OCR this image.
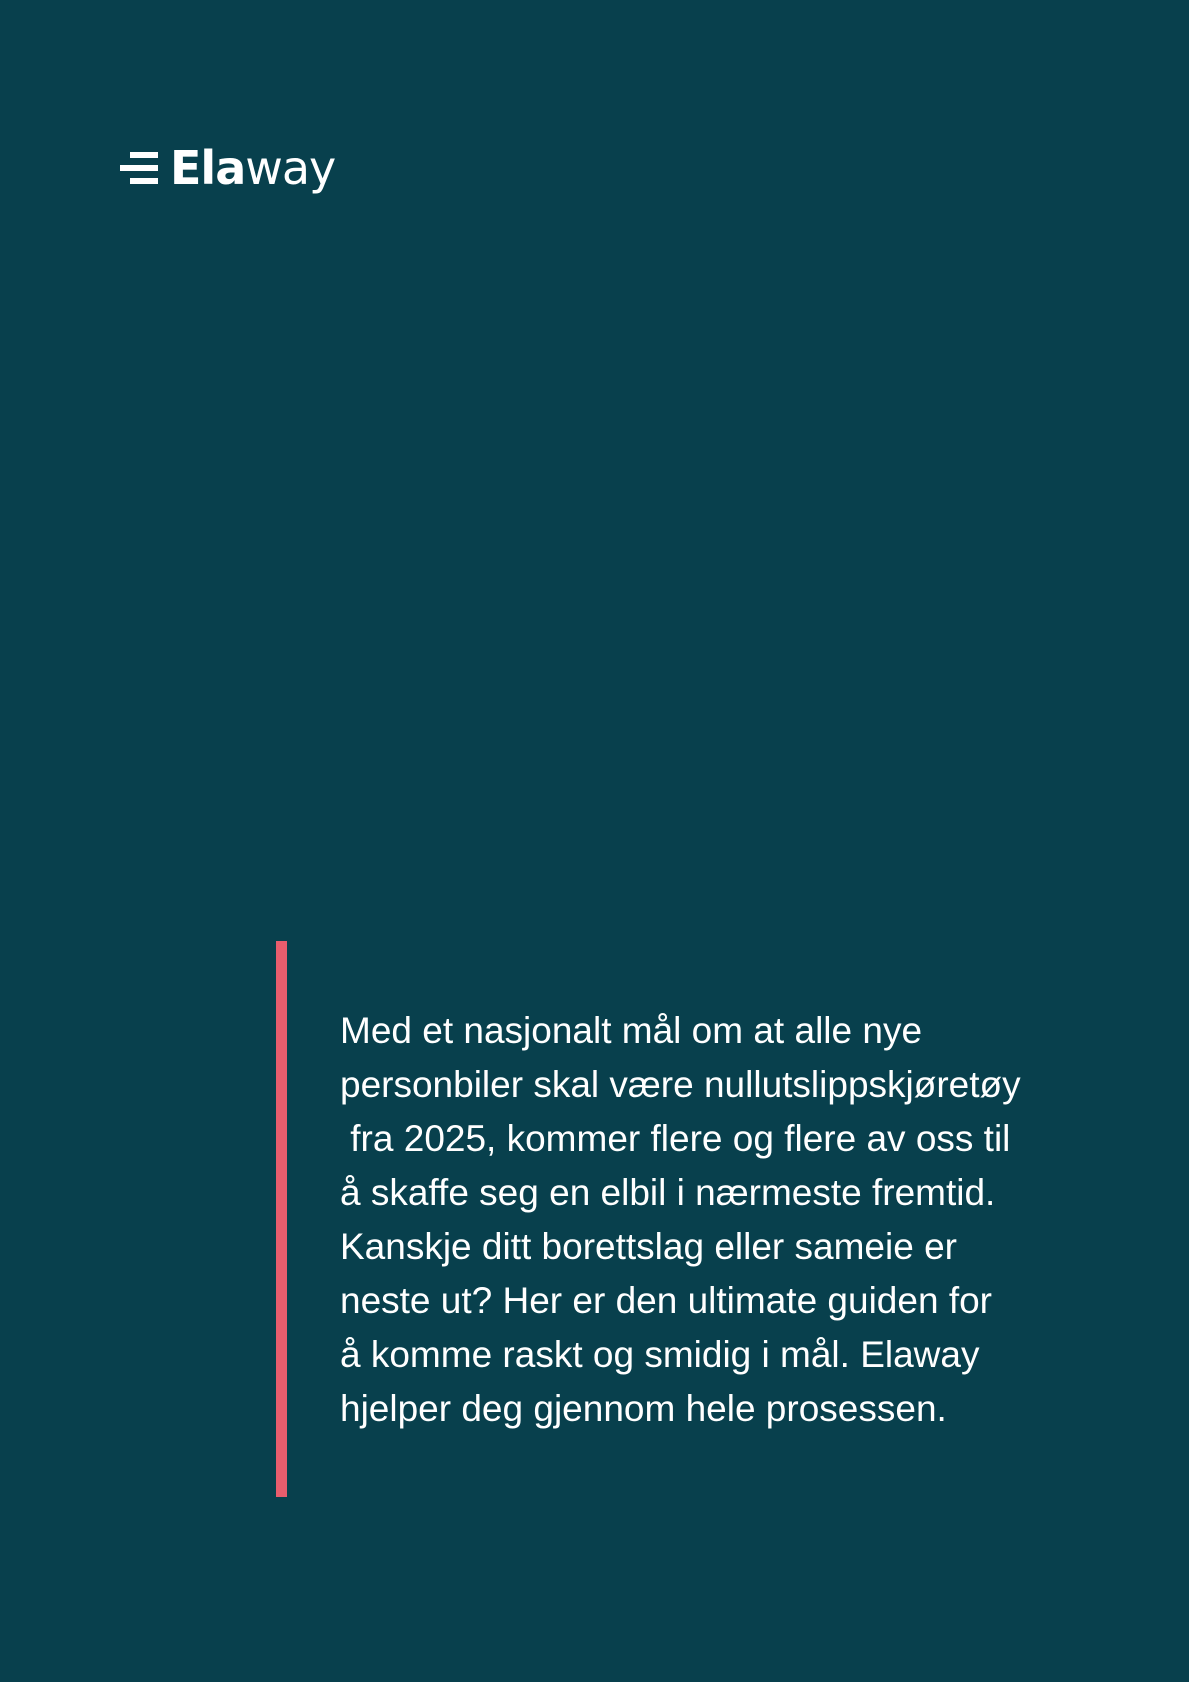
Elaway
Med et nasjonalt mål om at alle nye
personbiler skal være nullutslippskjøretøy
fra 2025, kommer flere og flere av oss til
å skaffe seg en elbil i nærmeste fremtid.
Kanskje ditt borettslag eller sameie er
neste ut? Her er den ultimate guiden for
å komme raskt og smidig i mål. Elaway
hjelper deg gjennom hele prosessen.
